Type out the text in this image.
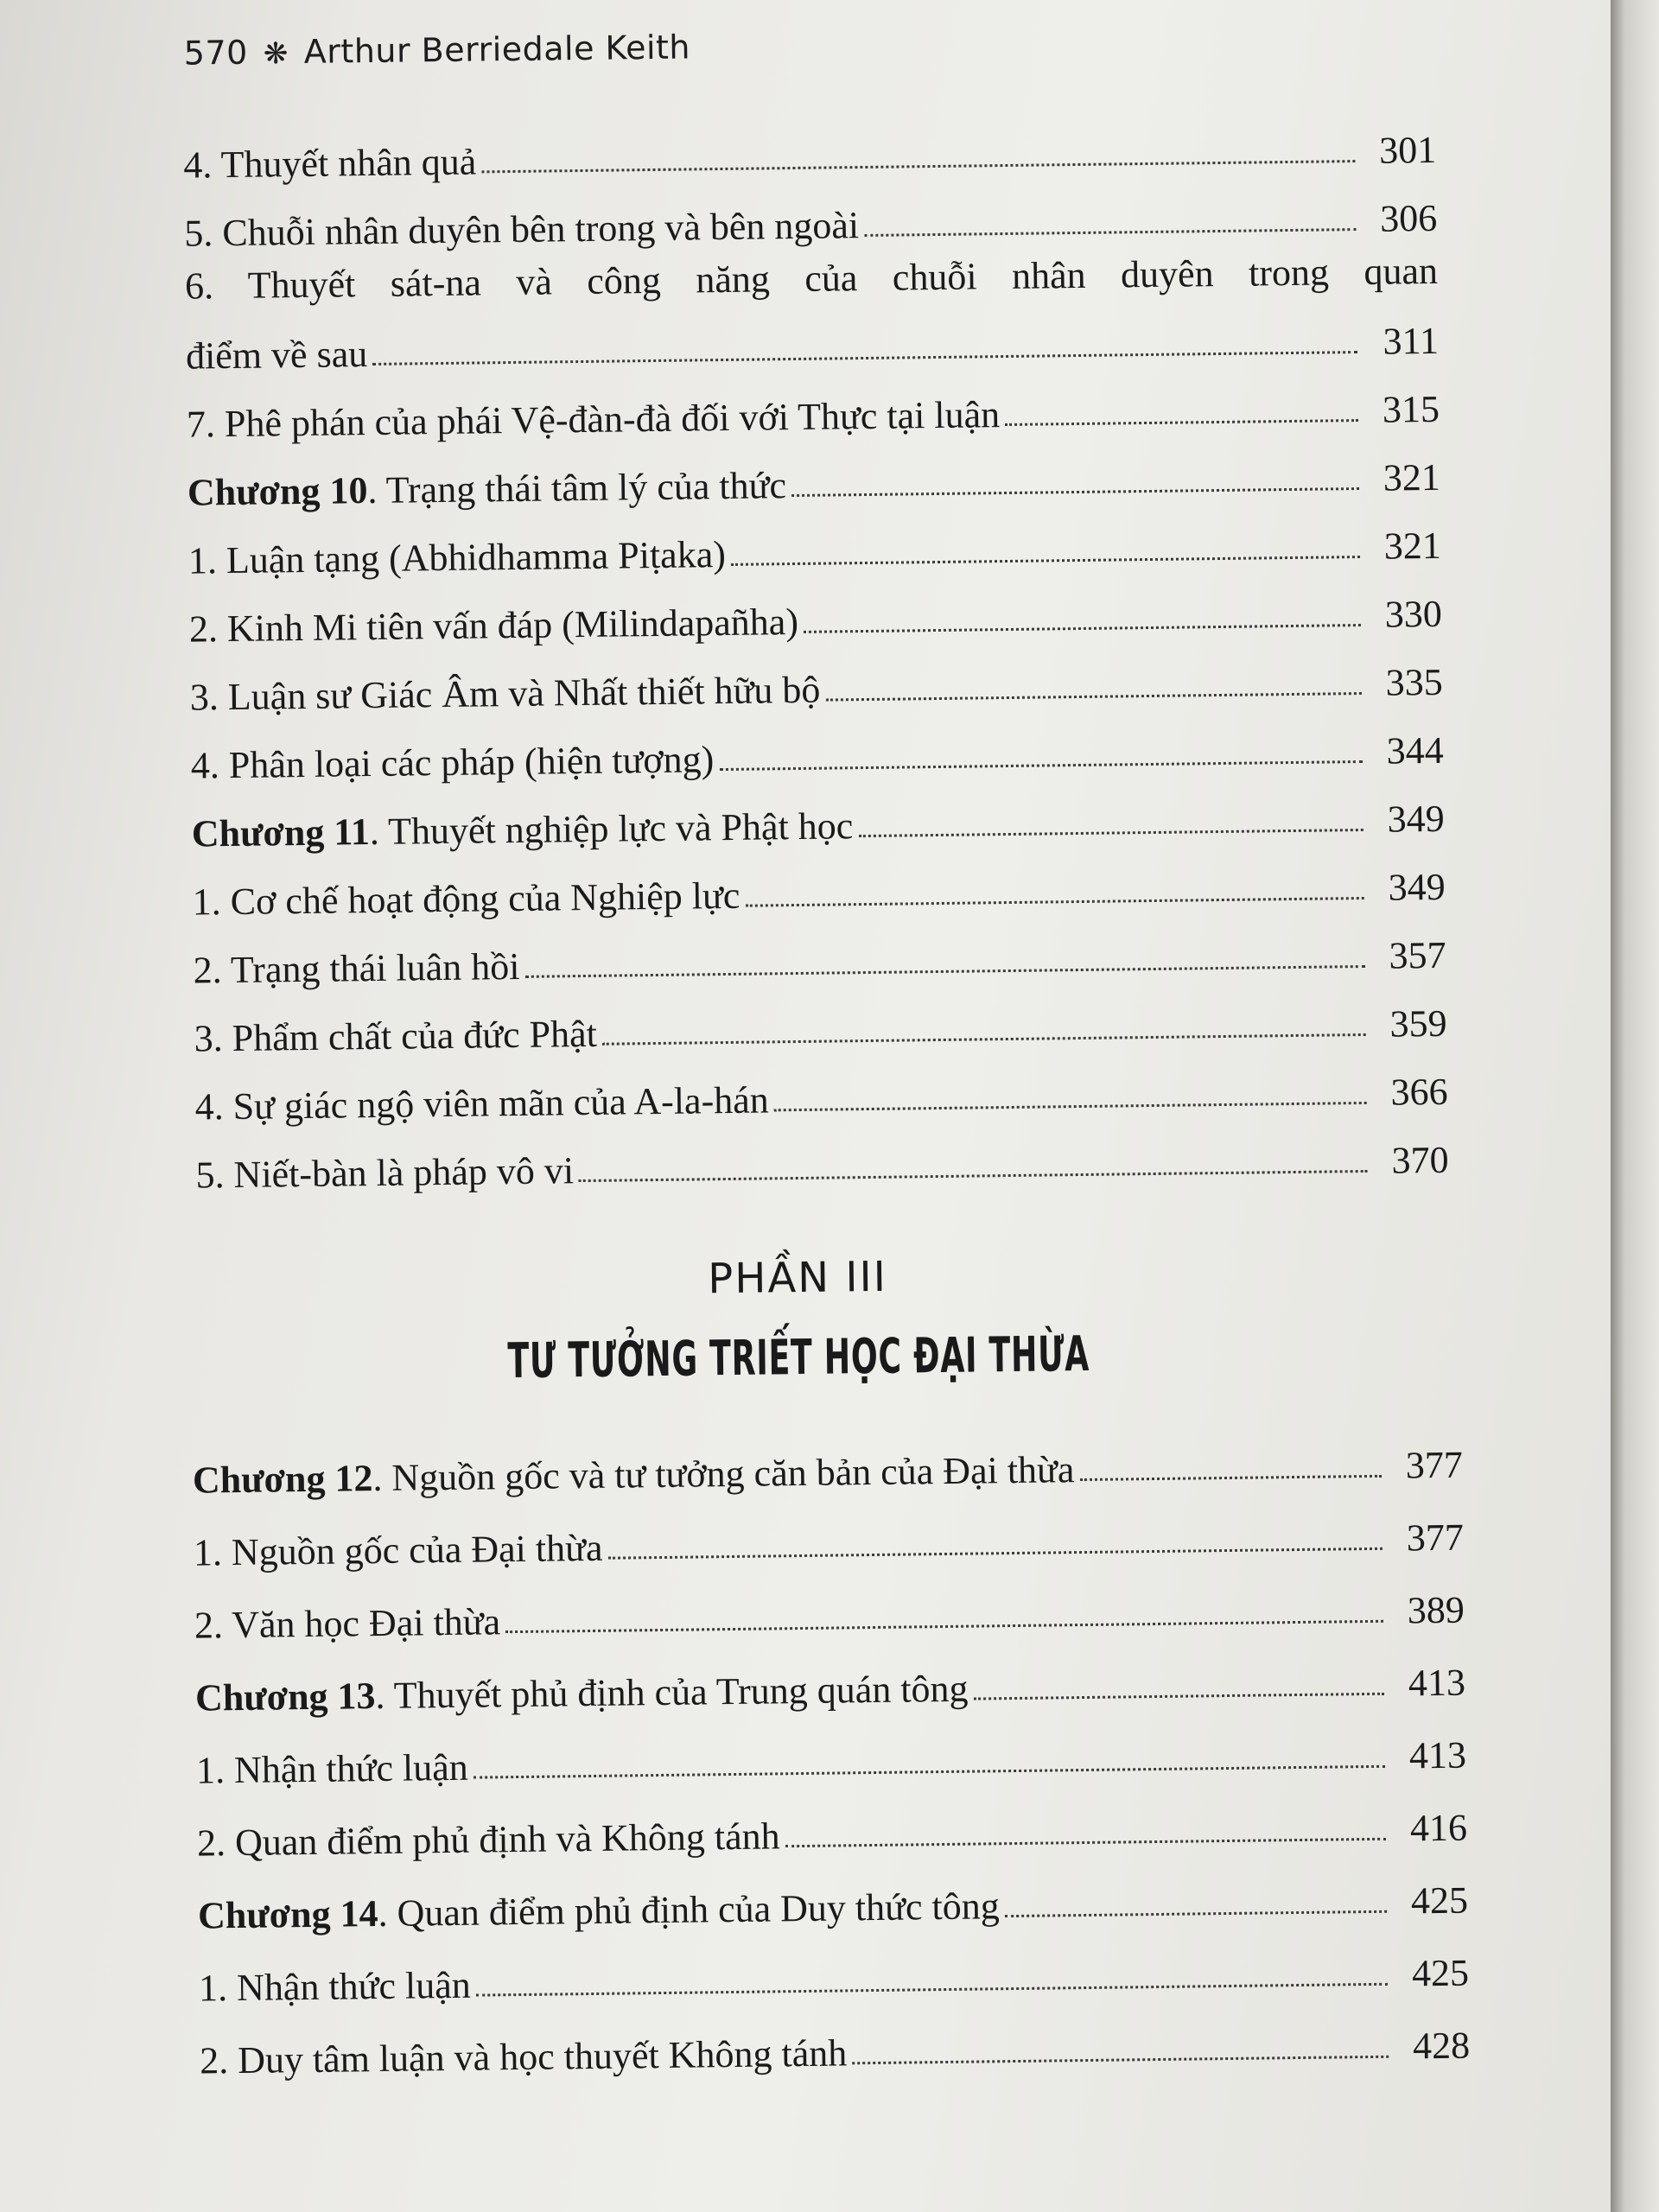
570 ❋ Arthur Berriedale Keith
4. Thuyết nhân quả	301
5. Chuỗi nhân duyên bên trong và bên ngoài	306
6. Thuyết sát-na và công năng của chuỗi nhân duyên trong quan
điểm về sau	311
7. Phê phán của phái Vệ-đàn-đà đối với Thực tại luận	315
Chương 10. Trạng thái tâm lý của thức	321
1. Luận tạng (Abhidhamma Piṭaka)	321
2. Kinh Mi tiên vấn đáp (Milindapañha)	330
3. Luận sư Giác Âm và Nhất thiết hữu bộ	335
4. Phân loại các pháp (hiện tượng)	344
Chương 11. Thuyết nghiệp lực và Phật học	349
1. Cơ chế hoạt động của Nghiệp lực	349
2. Trạng thái luân hồi	357
3. Phẩm chất của đức Phật	359
4. Sự giác ngộ viên mãn của A-la-hán	366
5. Niết-bàn là pháp vô vi	370
PHẦN III
TƯ TƯỞNG TRIẾT HỌC ĐẠI THỪA
Chương 12. Nguồn gốc và tư tưởng căn bản của Đại thừa	377
1. Nguồn gốc của Đại thừa	377
2. Văn học Đại thừa	389
Chương 13. Thuyết phủ định của Trung quán tông	413
1. Nhận thức luận	413
2. Quan điểm phủ định và Không tánh	416
Chương 14. Quan điểm phủ định của Duy thức tông	425
1. Nhận thức luận	425
2. Duy tâm luận và học thuyết Không tánh	428
